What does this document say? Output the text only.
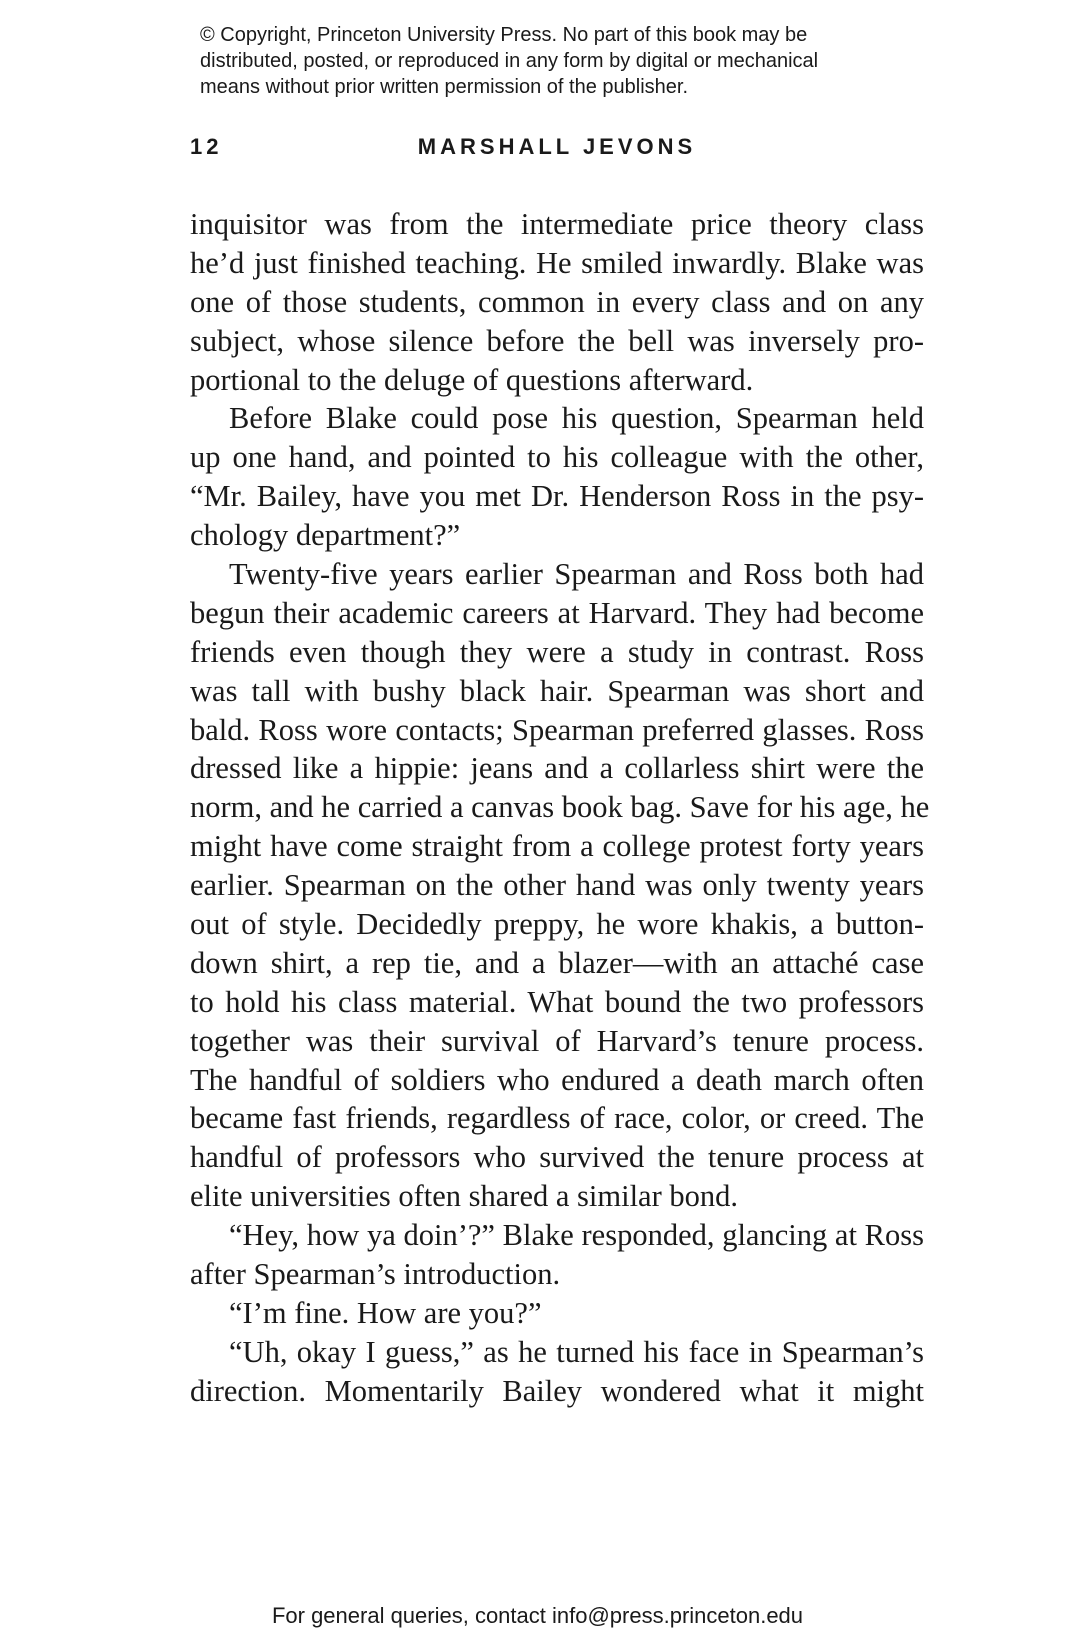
© Copyright, Princeton University Press. No part of this book may be
distributed, posted, or reproduced in any form by digital or mechanical
means without prior written permission of the publisher.
12	MARSHALL JEVONS
inquisitor was from the intermediate price theory class
he’d just finished teaching. He smiled inwardly. Blake was
one of those students, common in every class and on any
subject, whose silence before the bell was inversely pro-
portional to the deluge of questions afterward.
Before Blake could pose his question, Spearman held
up one hand, and pointed to his colleague with the other,
“Mr. Bailey, have you met Dr. Henderson Ross in the psy-
chology department?”
Twenty-five years earlier Spearman and Ross both had
begun their academic careers at Harvard. They had become
friends even though they were a study in contrast. Ross
was tall with bushy black hair. Spearman was short and
bald. Ross wore contacts; Spearman preferred glasses. Ross
dressed like a hippie: jeans and a collarless shirt were the
norm, and he carried a canvas book bag. Save for his age, he
might have come straight from a college protest forty years
earlier. Spearman on the other hand was only twenty years
out of style. Decidedly preppy, he wore khakis, a button-
down shirt, a rep tie, and a blazer—with an attaché case
to hold his class material. What bound the two professors
together was their survival of Harvard’s tenure process.
The handful of soldiers who endured a death march often
became fast friends, regardless of race, color, or creed. The
handful of professors who survived the tenure process at
elite universities often shared a similar bond.
“Hey, how ya doin’?” Blake responded, glancing at Ross
after Spearman’s introduction.
“I’m fine. How are you?”
“Uh, okay I guess,” as he turned his face in Spearman’s
direction. Momentarily Bailey wondered what it might
For general queries, contact info@press.princeton.edu
